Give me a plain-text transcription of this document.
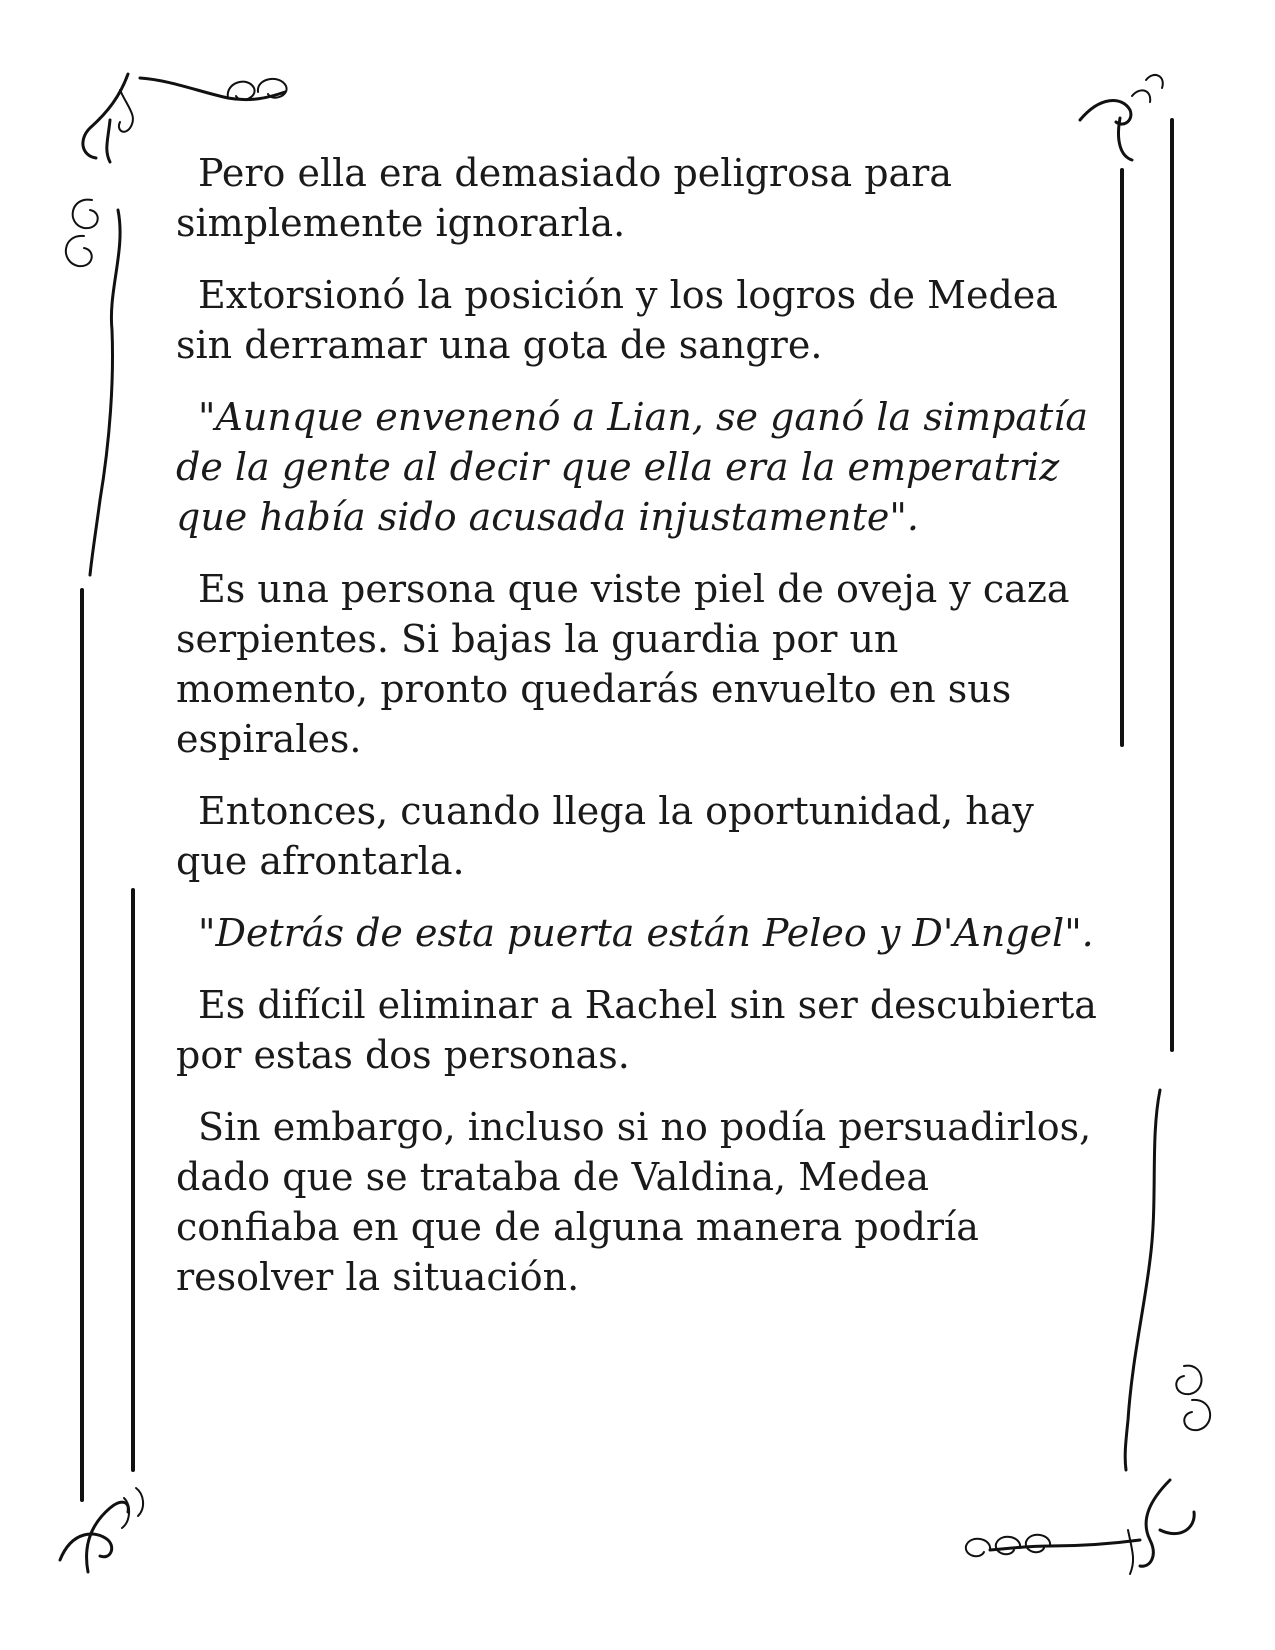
Pero ella era demasiado peligrosa para
simplemente ignorarla.

Extorsionó la posición y los logros de Medea
sin derramar una gota de sangre.

"Aunque envenenó a Lian, se ganó la simpatía
de la gente al decir que ella era la emperatriz
que había sido acusada injustamente".

Es una persona que viste piel de oveja y caza
serpientes. Si bajas la guardia por un
momento, pronto quedarás envuelto en sus
espirales.

Entonces, cuando llega la oportunidad, hay
que afrontarla.

"Detrás de esta puerta están Peleo y D'Angel".

Es difícil eliminar a Rachel sin ser descubierta
por estas dos personas.

Sin embargo, incluso si no podía persuadirlos,
dado que se trataba de Valdina, Medea
confiaba en que de alguna manera podría
resolver la situación.
